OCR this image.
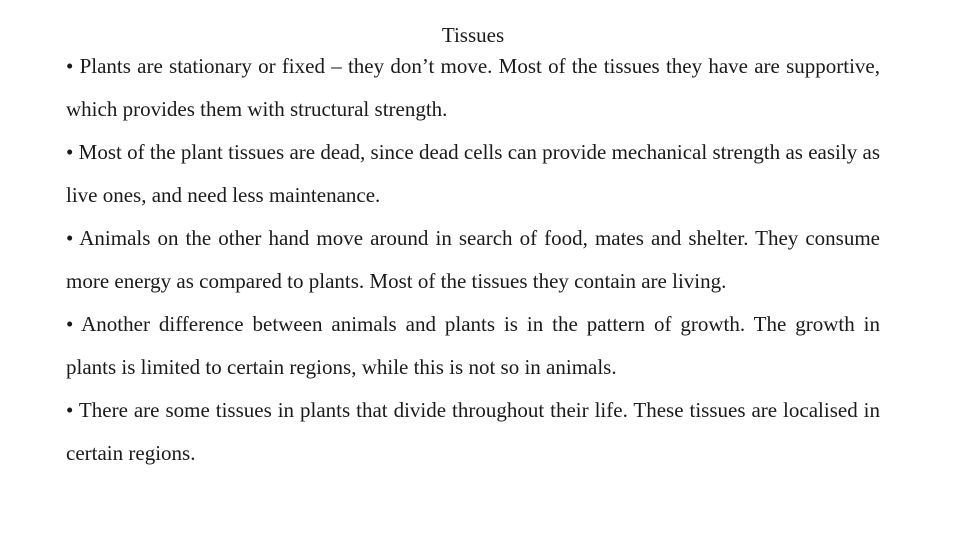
Tissues

• Plants are stationary or fixed – they don’t move. Most of the tissues they have are supportive, which provides them with structural strength.

• Most of the plant tissues are dead, since dead cells can provide mechanical strength as easily as live ones, and need less maintenance.

• Animals on the other hand move around in search of food, mates and shelter. They consume more energy as compared to plants. Most of the tissues they contain are living.

• Another difference between animals and plants is in the pattern of growth. The growth in plants is limited to certain regions, while this is not so in animals.

• There are some tissues in plants that divide throughout their life. These tissues are localised in certain regions.
